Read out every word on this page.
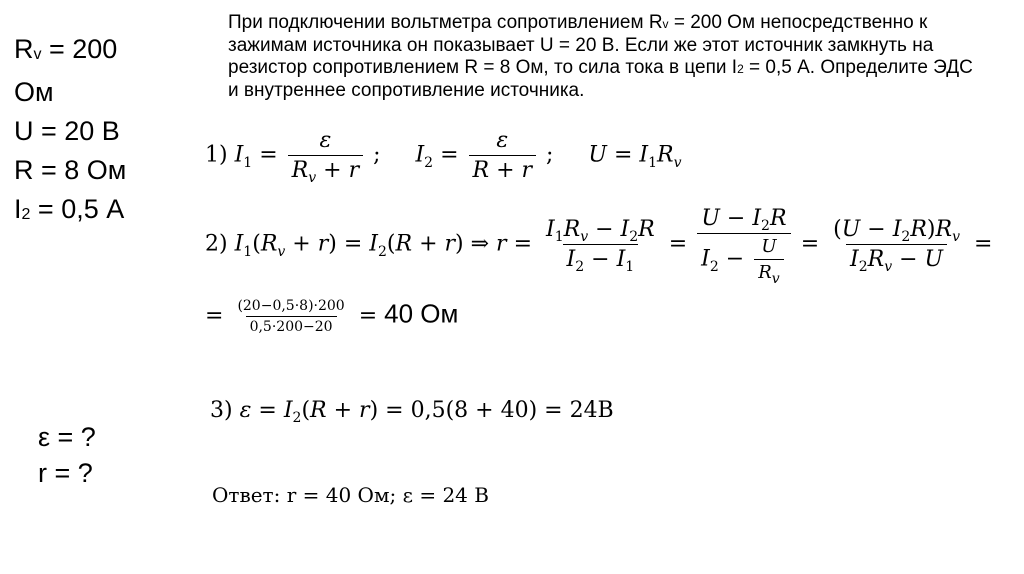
Rv = 200
Ом
U = 20 В
R = 8 Ом
I2 = 0,5 А
ε = ?
r = ?
При подключении вольтметра сопротивлением Rv = 200 Ом непосредственно к зажимам источника он показывает U = 20 В. Если же этот источник замкнуть на резистор сопротивлением R = 8 Ом, то сила тока в цепи I2 = 0,5 А. Определите ЭДС и внутреннее сопротивление источника.
1) $I_1 = \frac{\varepsilon}{R_v + r}$ ;     $I_2 = \frac{\varepsilon}{R + r}$ ;     $U = I_1R_v$
2) $I_1(R_v + r) = I_2(R + r)$ ⇒ $r = \frac{I_1R_v - I_2R}{I_2 - I_1} = \frac{U - I_2R}{I_2 - \frac{U}{R_v}} = \frac{(U - I_2R)R_v}{I_2R_v - U}$ =
= $\frac{(20-0,5\cdot 8)\cdot 200}{0,5\cdot 200-20} = 40$ Ом
3) $\varepsilon = I_2(R + r) = 0,5(8 + 40) = 24B$
Ответ: r = 40 Ом; ε = 24 В
